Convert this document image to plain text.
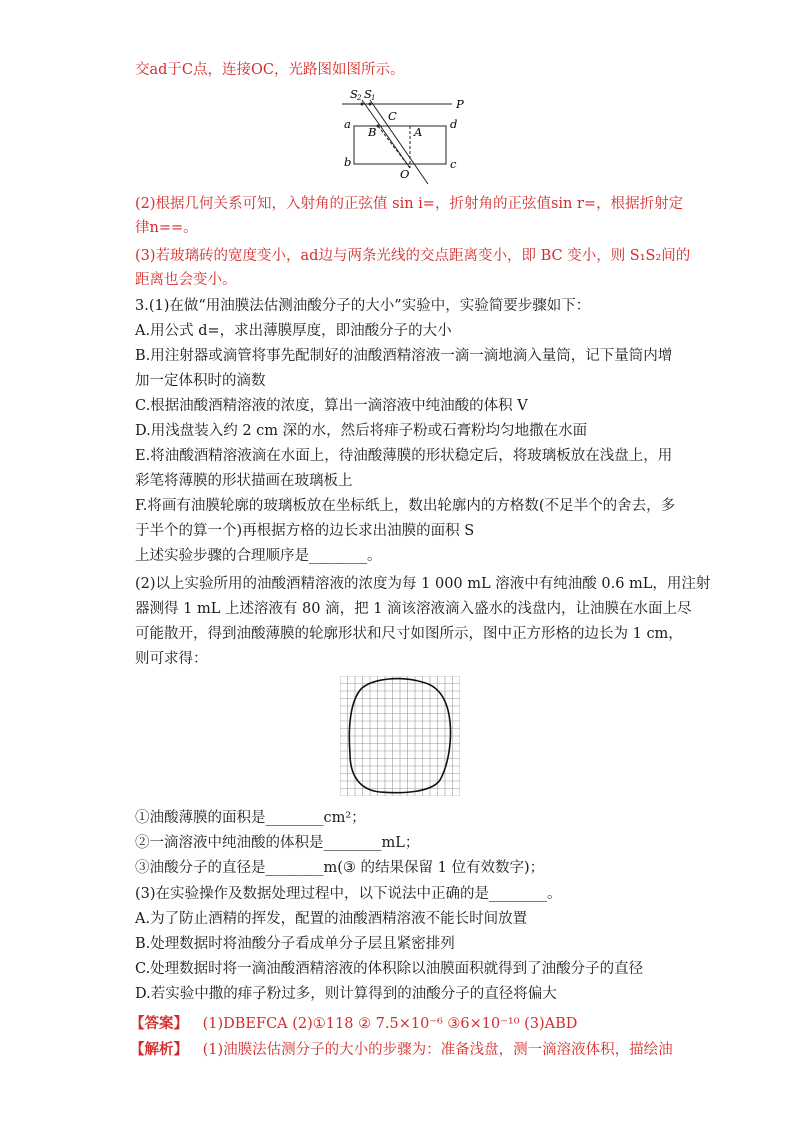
交ad于C点，连接OC，光路图如图所示。
S 2 S 1	P
a	d
b	c
B
C
A
O
(2)根据几何关系可知，入射角的正弦值 sin i=，折射角的正弦值sin r=，根据折射定
律n==。
(3)若玻璃砖的宽度变小，ad边与两条光线的交点距离变小，即 BC 变小，则 S₁S₂间的
距离也会变小。
3.(1)在做“用油膜法估测油酸分子的大小”实验中，实验简要步骤如下：
A.用公式 d=，求出薄膜厚度，即油酸分子的大小
B.用注射器或滴管将事先配制好的油酸酒精溶液一滴一滴地滴入量筒，记下量筒内增
加一定体积时的滴数
C.根据油酸酒精溶液的浓度，算出一滴溶液中纯油酸的体积 V
D.用浅盘装入约 2 cm 深的水，然后将痱子粉或石膏粉均匀地撒在水面
E.将油酸酒精溶液滴在水面上，待油酸薄膜的形状稳定后，将玻璃板放在浅盘上，用
彩笔将薄膜的形状描画在玻璃板上
F.将画有油膜轮廓的玻璃板放在坐标纸上，数出轮廓内的方格数(不足半个的舍去，多
于半个的算一个)再根据方格的边长求出油膜的面积 S
上述实验步骤的合理顺序是________。
(2)以上实验所用的油酸酒精溶液的浓度为每 1 000 mL 溶液中有纯油酸 0.6 mL，用注射
器测得 1 mL 上述溶液有 80 滴，把 1 滴该溶液滴入盛水的浅盘内，让油膜在水面上尽
可能散开，得到油酸薄膜的轮廓形状和尺寸如图所示，图中正方形格的边长为 1 cm，
则可求得：
①油酸薄膜的面积是________cm²；
②一滴溶液中纯油酸的体积是________mL；
③油酸分子的直径是________m(③ 的结果保留 1 位有效数字)；
(3)在实验操作及数据处理过程中，以下说法中正确的是________。
A.为了防止酒精的挥发，配置的油酸酒精溶液不能长时间放置
B.处理数据时将油酸分子看成单分子层且紧密排列
C.处理数据时将一滴油酸酒精溶液的体积除以油膜面积就得到了油酸分子的直径
D.若实验中撒的痱子粉过多，则计算得到的油酸分子的直径将偏大
【答案】 (1)DBEFCA (2)①118 ② 7.5×10⁻⁶ ③6×10⁻¹⁰ (3)ABD
【解析】 (1)油膜法估测分子的大小的步骤为：准备浅盘，测一滴溶液体积，描绘油
